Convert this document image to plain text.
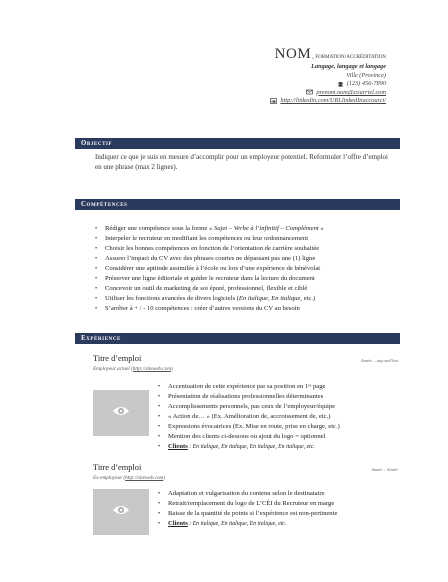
NOM, formation/accréditation
Langage, langage et langage
Ville (Province)
(123) 456-7890
prenom.nom@courriel.com
http://linkedin.com/URLlinkedInaccourci/
Objectif
Indiquer ce que je suis en mesure d’accomplir pour un employeur potentiel. Reformuler l’offre d’emploi en une phrase (max 2 lignes).
Compétences
• Rédiger une compétence sous la forme « Sujet – Verbe à l’infinitif – Complément »
• Interpeler le recruteur en modifiant les compétences ou leur ordonnancement
• Choisir les bonnes compétences en fonction de l’orientation de carrière souhaitée
• Assurer l’impact du CV avec des phrases courtes ne dépassant pas une (1) ligne
• Considérer une aptitude assimilée à l’école ou lors d’une expérience de bénévolat
• Préserver une ligne éditoriale et guider le recruteur dans la lecture du document
• Concevoir un outil de marketing de soi épuré, professionnel, flexible et ciblé
• Utiliser les fonctions avancées de divers logiciels (En italique, En italique, etc.)
• S’arrêter à + / - 10 compétences : créer d’autres versions du CV au besoin
Expérience
Titre d’emploi	Année – aujourd’hui
Employeur actuel (http://siteweb.com)
• Accentuation de cette expérience par sa position en 1ʳᵉ page
• Présentation de réalisations professionnelles déterminantes
• Accomplissements personnels, pas ceux de l’employeur/équipe
• « Action de… » (Ex. Amélioration de, accroissement de, etc.)
• Expressions évocatrices (Ex. Mise en route, prise en charge, etc.)
• Mention des clients ci-dessous ou ajout du logo = optionnel
• Clients : En italique, En italique, En italique, En italique, etc.
Titre d’emploi	Année – Année
Ex-employeur (http://siteweb.com)
• Adaptation et vulgarisation du contenu selon le destinataire
• Retrait/remplacement du logo de L’CÉI du Recruteur en marge
• Baisse de la quantité de points si l’expérience est non-pertinente
• Clients : En italique, En italique, En italique, etc.
